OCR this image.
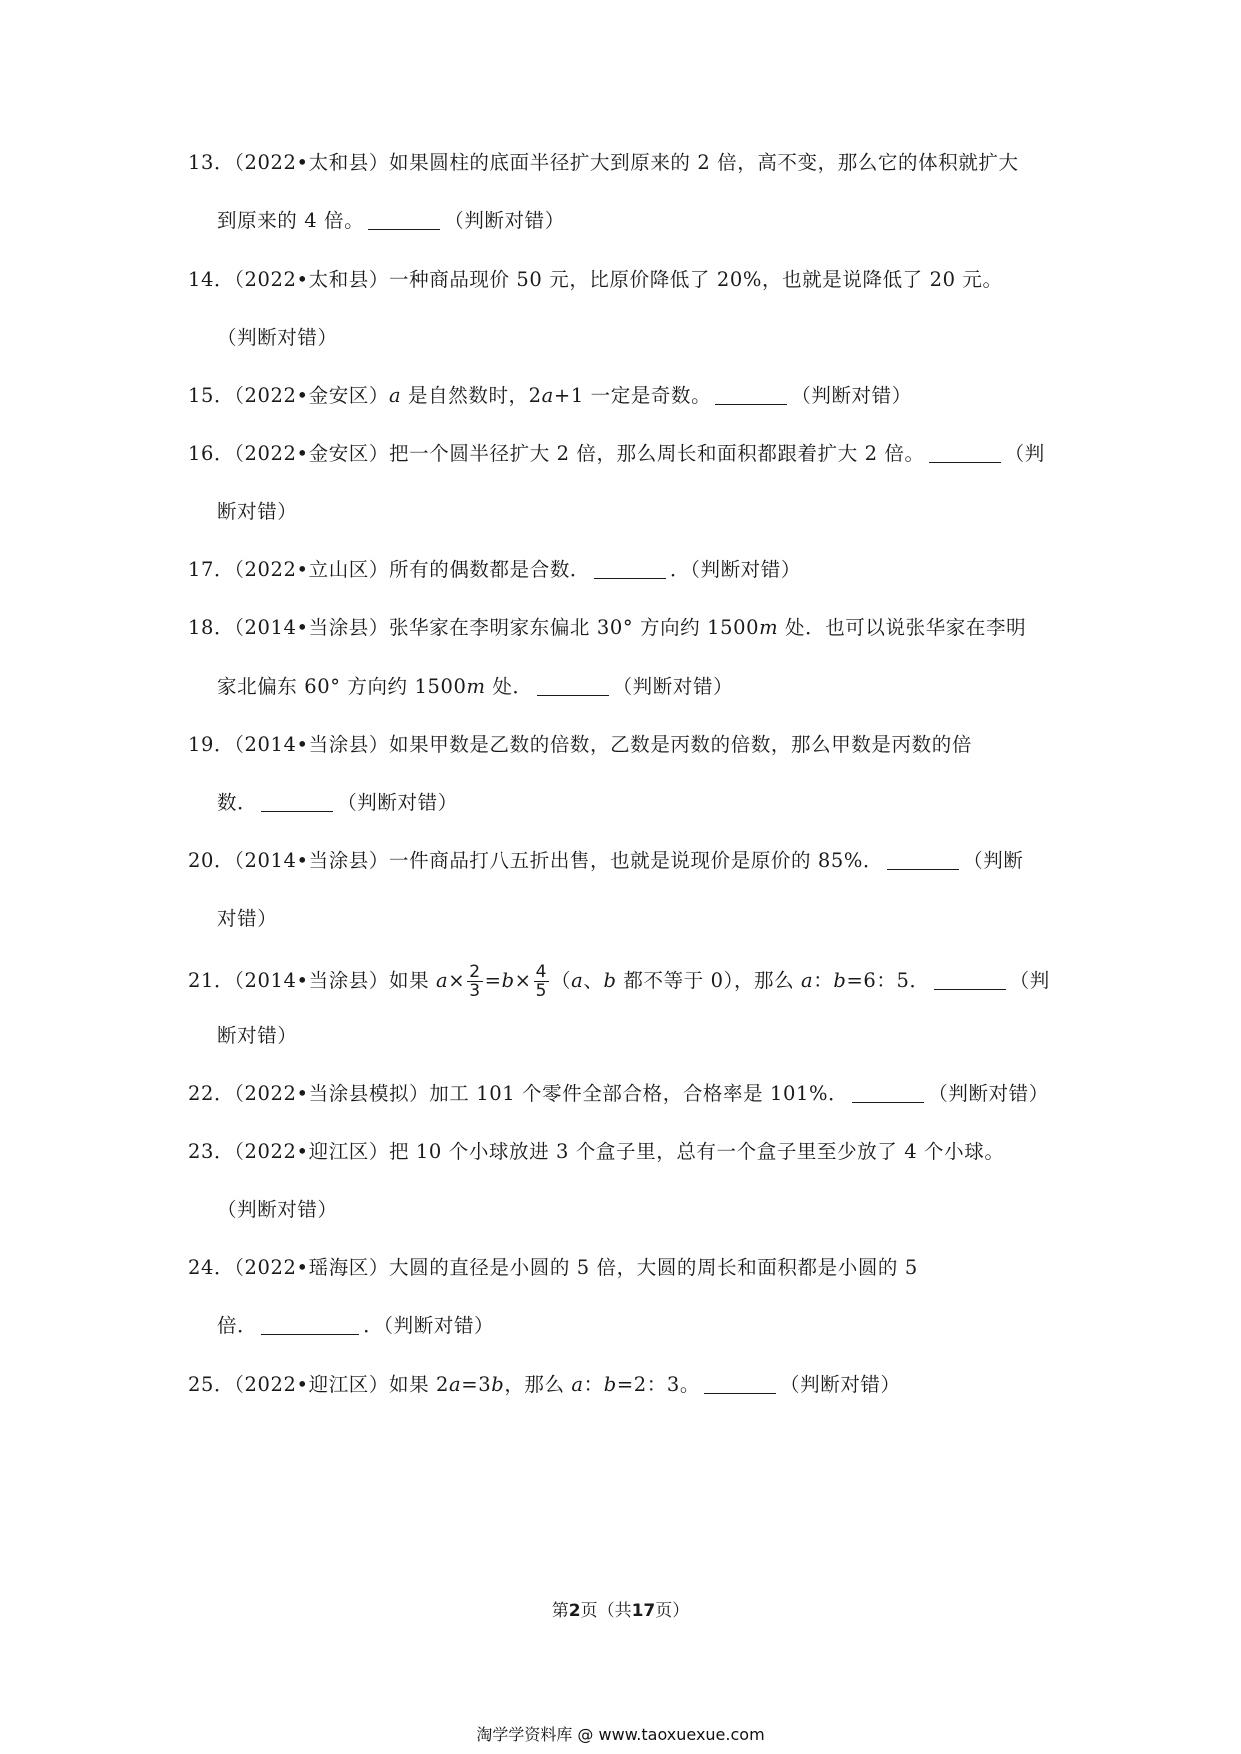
13．（2022•太和县）如果圆柱的底面半径扩大到原来的 2 倍，高不变，那么它的体积就扩大
到原来的 4 倍。	（判断对错）
14．（2022•太和县）一种商品现价 50 元，比原价降低了 20%，也就是说降低了 20 元。
（判断对错）
15．（2022•金安区）a 是自然数时，2a+1 一定是奇数。	（判断对错）
16．（2022•金安区）把一个圆半径扩大 2 倍，那么周长和面积都跟着扩大 2 倍。	（判
断对错）
17．（2022•立山区）所有的偶数都是合数．	．（判断对错）
18．（2014•当涂县）张华家在李明家东偏北 30° 方向约 1500m 处．也可以说张华家在李明
家北偏东 60° 方向约 1500m 处．	（判断对错）
19．（2014•当涂县）如果甲数是乙数的倍数，乙数是丙数的倍数，那么甲数是丙数的倍
数．	（判断对错）
20．（2014•当涂县）一件商品打八五折出售，也就是说现价是原价的 85%．	（判断
对错）
21．（2014•当涂县）如果 $a\times \frac{2}{3} =b\times \frac{4}{5} (a$、b 都不等于 0），那么 a：b=6：5．	（判
断对错）
22．（2022•当涂县模拟）加工 101 个零件全部合格，合格率是 101%．	（判断对错）
23．（2022•迎江区）把 10 个小球放进 3 个盒子里，总有一个盒子里至少放了 4 个小球。
（判断对错）
24．（2022•瑶海区）大圆的直径是小圆的 5 倍，大圆的周长和面积都是小圆的 5
倍．	．（判断对错）
25．（2022•迎江区）如果 2a=3b，那么 a：b=2：3。	（判断对错）
第2页（共17页）
淘学学资料库 @ www.taoxuexue.com
